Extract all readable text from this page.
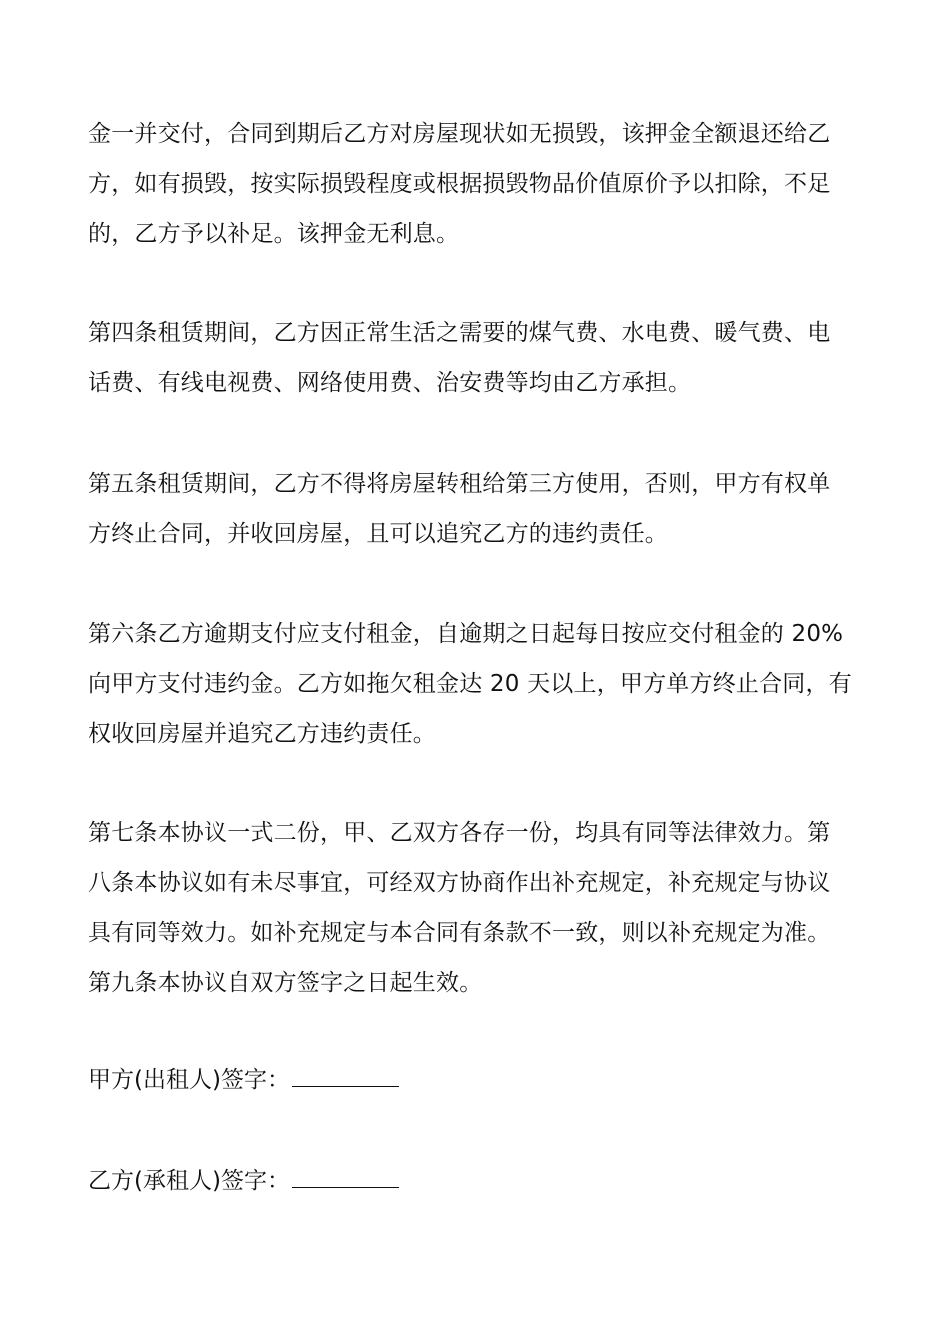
金一并交付，合同到期后乙方对房屋现状如无损毁，该押金全额退还给乙
方，如有损毁，按实际损毁程度或根据损毁物品价值原价予以扣除，不足
的，乙方予以补足。该押金无利息。
第四条租赁期间，乙方因正常生活之需要的煤气费、水电费、暖气费、电
话费、有线电视费、网络使用费、治安费等均由乙方承担。
第五条租赁期间，乙方不得将房屋转租给第三方使用，否则，甲方有权单
方终止合同，并收回房屋，且可以追究乙方的违约责任。
第六条乙方逾期支付应支付租金，自逾期之日起每日按应交付租金的 20%
向甲方支付违约金。乙方如拖欠租金达 20 天以上，甲方单方终止合同，有
权收回房屋并追究乙方违约责任。
第七条本协议一式二份，甲、乙双方各存一份，均具有同等法律效力。第
八条本协议如有未尽事宜，可经双方协商作出补充规定，补充规定与协议
具有同等效力。如补充规定与本合同有条款不一致，则以补充规定为准。
第九条本协议自双方签字之日起生效。
甲方(出租人)签字：
乙方(承租人)签字：
